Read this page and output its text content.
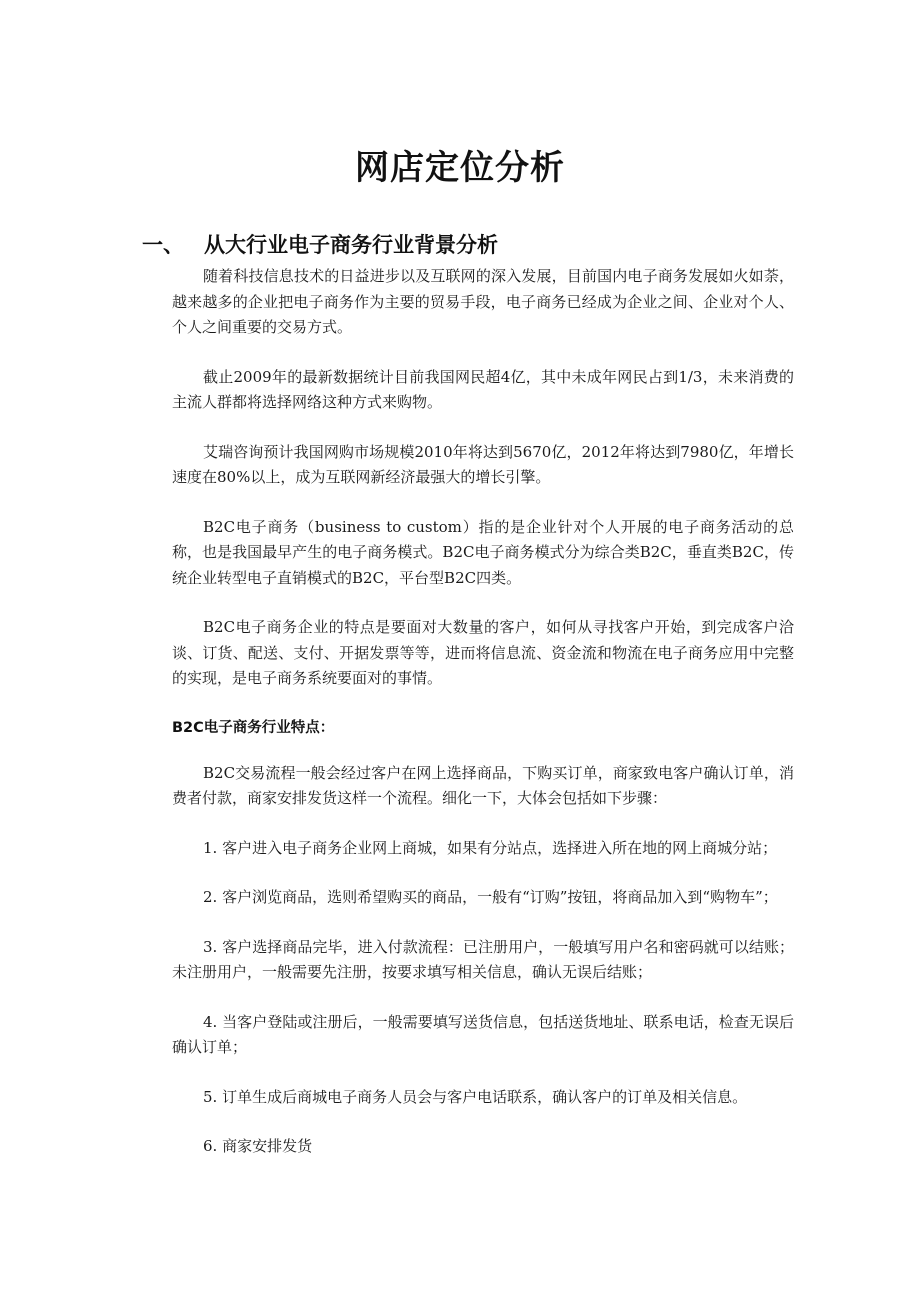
网店定位分析
一、 从大行业电子商务行业背景分析

随着科技信息技术的日益进步以及互联网的深入发展，目前国内电子商务发展如火如荼，越来越多的企业把电子商务作为主要的贸易手段，电子商务已经成为企业之间、企业对个人、个人之间重要的交易方式。

截止2009年的最新数据统计目前我国网民超4亿，其中未成年网民占到1/3，未来消费的主流人群都将选择网络这种方式来购物。

艾瑞咨询预计我国网购市场规模2010年将达到5670亿，2012年将达到7980亿，年增长速度在80%以上，成为互联网新经济最强大的增长引擎。

B2C电子商务（business to custom）指的是企业针对个人开展的电子商务活动的总称，也是我国最早产生的电子商务模式。B2C电子商务模式分为综合类B2C，垂直类B2C，传统企业转型电子直销模式的B2C，平台型B2C四类。

B2C电子商务企业的特点是要面对大数量的客户，如何从寻找客户开始，到完成客户洽谈、订货、配送、支付、开据发票等等，进而将信息流、资金流和物流在电子商务应用中完整的实现，是电子商务系统要面对的事情。

B2C电子商务行业特点：

B2C交易流程一般会经过客户在网上选择商品，下购买订单，商家致电客户确认订单，消费者付款，商家安排发货这样一个流程。细化一下，大体会包括如下步骤：

1. 客户进入电子商务企业网上商城，如果有分站点，选择进入所在地的网上商城分站；

2. 客户浏览商品，选则希望购买的商品，一般有“订购”按钮，将商品加入到“购物车”；

3. 客户选择商品完毕，进入付款流程：已注册用户，一般填写用户名和密码就可以结账；未注册用户，一般需要先注册，按要求填写相关信息，确认无误后结账；

4. 当客户登陆或注册后，一般需要填写送货信息，包括送货地址、联系电话，检查无误后确认订单；

5. 订单生成后商城电子商务人员会与客户电话联系，确认客户的订单及相关信息。

6. 商家安排发货
